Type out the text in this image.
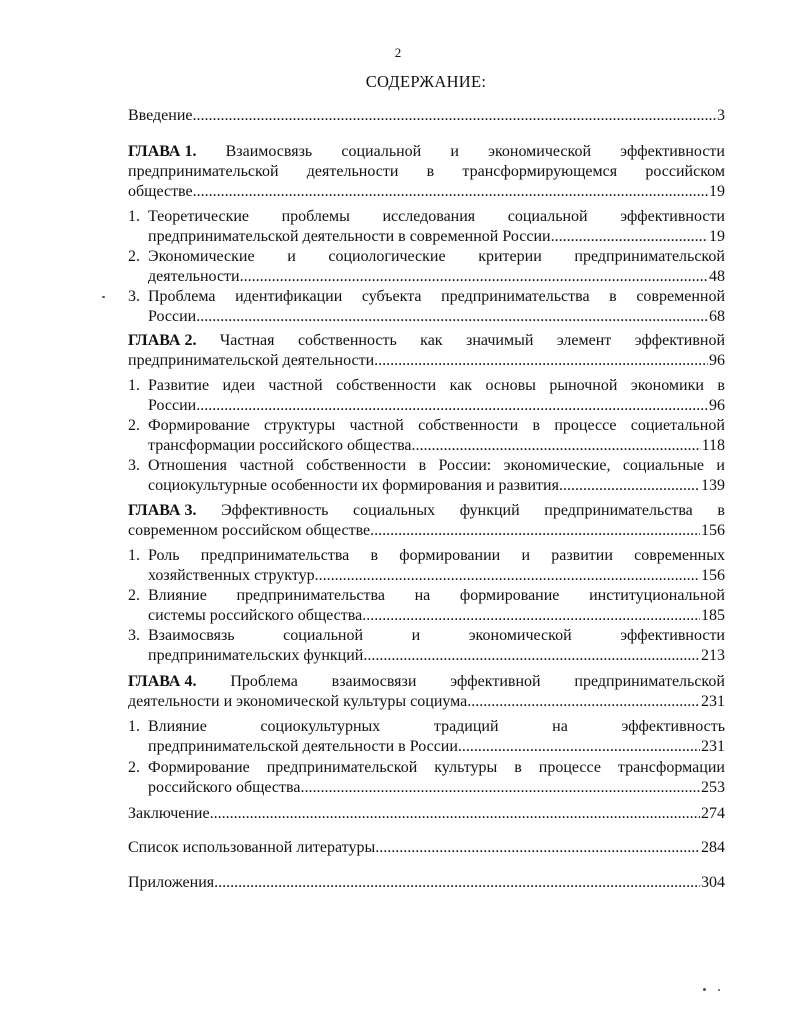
2
СОДЕРЖАНИЕ:
Введение .....	3
ГЛАВА 1. Взаимосвязь социальной и экономической эффективности
предпринимательской деятельности в трансформирующемся российском
обществе .....	19
1. Теоретические проблемы исследования социальной эффективности
предпринимательской деятельности в современной России .....	19
2. Экономические и социологические критерии предпринимательской
деятельности .....	48
3. Проблема идентификации субъекта предпринимательства в современной
России .....	68
ГЛАВА 2. Частная собственность как значимый элемент эффективной
предпринимательской деятельности .....	96
1. Развитие идеи частной собственности как основы рыночной экономики в
России .....	96
2. Формирование структуры частной собственности в процессе социетальной
трансформации российского общества .....	118
3. Отношения частной собственности в России: экономические, социальные и
социокультурные особенности их формирования и развития .....	139
ГЛАВА 3. Эффективность социальных функций предпринимательства в
современном российском обществе .....	156
1. Роль предпринимательства в формировании и развитии современных
хозяйственных структур .....	156
2. Влияние предпринимательства на формирование институциональной
системы российского общества. .....	185
3. Взаимосвязь	социальной	и	экономической	эффективности
предпринимательских функций .....	213
ГЛАВА 4. Проблема взаимосвязи эффективной предпринимательской
деятельности и экономической культуры социума .....	231
1. Влияние	социокультурных	традиций	на	эффективность
предпринимательской деятельности в России. .....	231
2. Формирование предпринимательской культуры в процессе трансформации
российского общества. .....	253
Заключение .....	274
Список использованной литературы .....	284
Приложения .....	304
